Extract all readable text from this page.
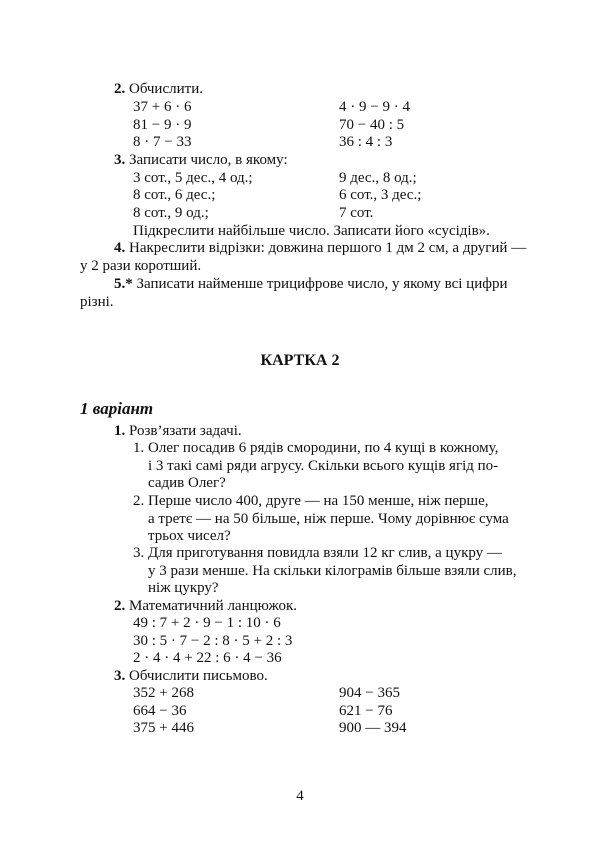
2. Обчислити.
37 + 6 · 6	4 · 9 − 9 · 4
81 − 9 · 9	70 − 40 : 5
8 · 7 − 33	36 : 4 : 3
3. Записати число, в якому:
3 сот., 5 дес., 4 од.;	9 дес., 8 од.;
8 сот., 6 дес.;	6 сот., 3 дес.;
8 сот., 9 од.;	7 сот.
Підкреслити найбільше число. Записати його «сусідів».
4. Накреслити відрізки: довжина першого 1 дм 2 см, а другий —
у 2 рази коротший.
5.* Записати найменше трицифрове число, у якому всі цифри
різні.
КАРТКА 2
1 варіант
1. Розв’язати задачі.
1. Олег посадив 6 рядів смородини, по 4 кущі в кожному,
і 3 такі самі ряди агрусу. Скільки всього кущів ягід по-
садив Олег?
2. Перше число 400, друге — на 150 менше, ніж перше,
а третє — на 50 більше, ніж перше. Чому дорівнює сума
трьох чисел?
3. Для приготування повидла взяли 12 кг слив, а цукру —
у 3 рази менше. На скільки кілограмів більше взяли слив,
ніж цукру?
2. Математичний ланцюжок.
49 : 7 + 2 · 9 − 1 : 10 · 6
30 : 5 · 7 − 2 : 8 · 5 + 2 : 3
2 · 4 · 4 + 22 : 6 · 4 − 36
3. Обчислити письмово.
352 + 268	904 − 365
664 − 36	621 − 76
375 + 446	900 — 394
4
